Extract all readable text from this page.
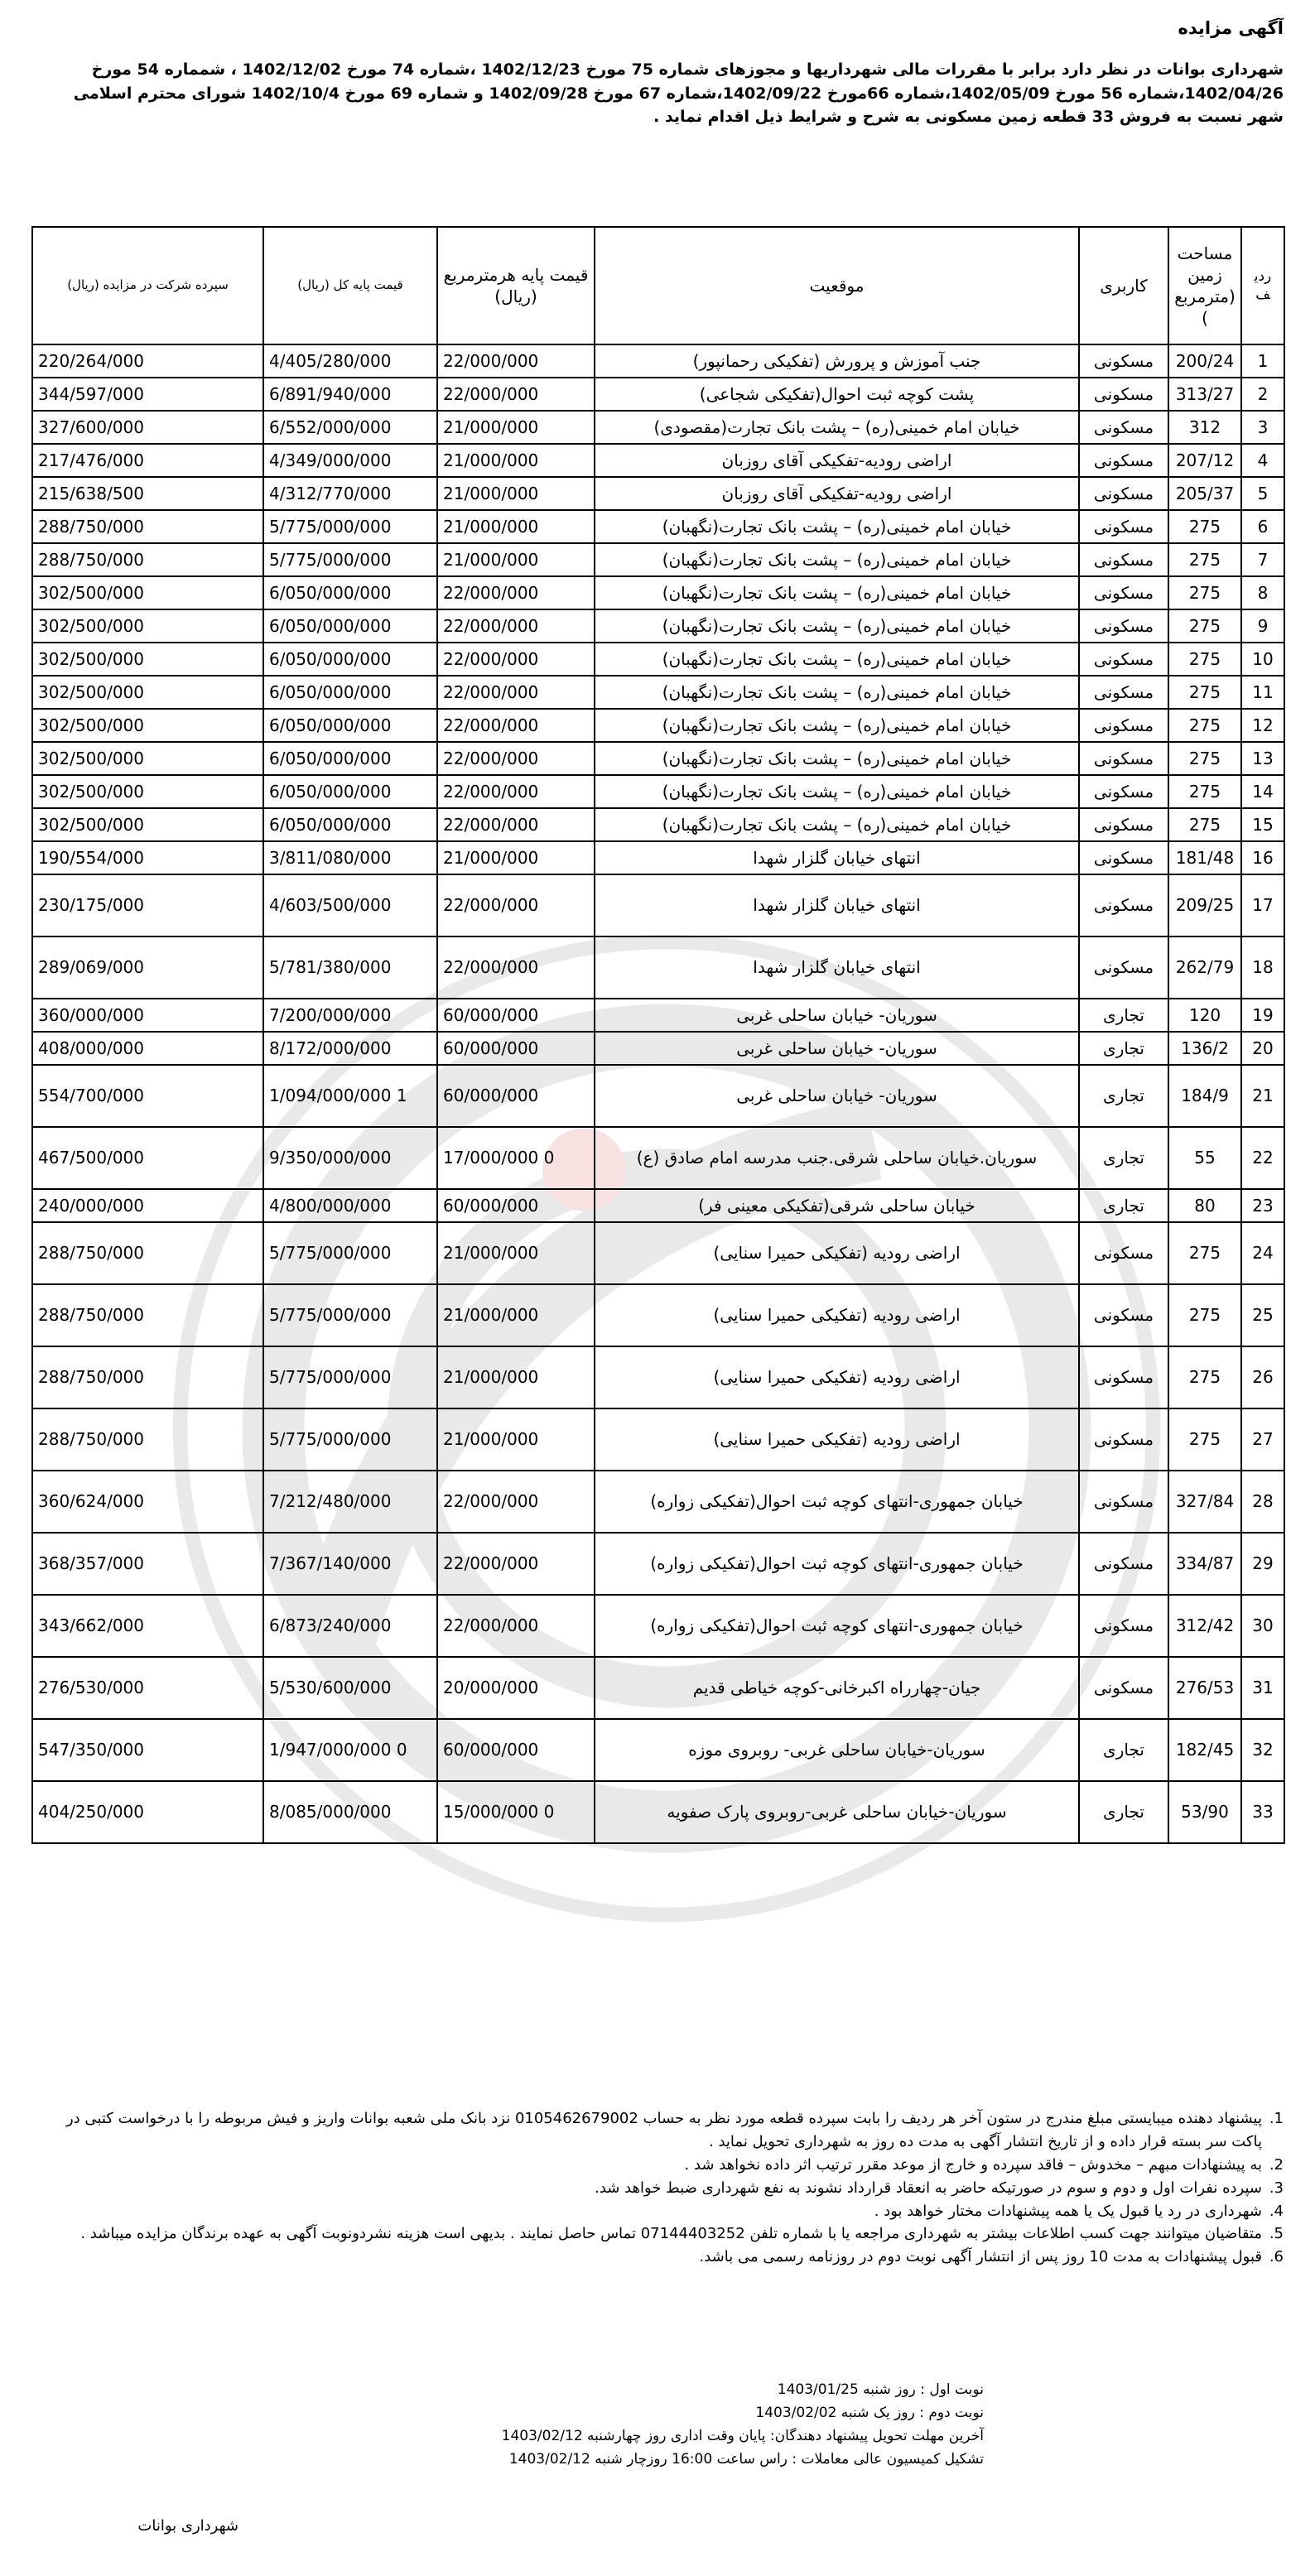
آگهی مزایده
شهرداری بوانات در نظر دارد برابر با مقررات مالی شهرداریها و مجوزهای شماره 75 مورخ 1402/12/23 ،شماره 74 مورخ 1402/12/02 ، شمماره 54 مورخ 1402/04/26،شماره 56 مورخ 1402/05/09،شماره 66مورخ 1402/09/22،شماره 67 مورخ 1402/09/28 و شماره 69 مورخ 1402/10/4 شورای محترم اسلامی شهر نسبت به فروش 33 قطعه زمین مسکونی به شرح و شرایط ذیل اقدام نماید .
ردیف	مساحت زمین (مترمربع)	کاربری	موقعیت	قیمت پایه هرمترمربع (ریال)	قیمت پایه کل (ریال)	سپرده شرکت در مزایده (ریال)
1	200/24	مسکونی	جنب آموزش و پرورش (تفکیکی رحمانپور)	22/000/000	4/405/280/000	220/264/000
2	313/27	مسکونی	پشت کوچه ثبت احوال(تفکیکی شجاعی)	22/000/000	6/891/940/000	344/597/000
3	312	مسکونی	خیابان امام خمینی(ره) – پشت بانک تجارت(مقصودی)	21/000/000	6/552/000/000	327/600/000
4	207/12	مسکونی	اراضی رودیه-تفکیکی آقای روزبان	21/000/000	4/349/000/000	217/476/000
5	205/37	مسکونی	اراضی رودیه-تفکیکی آقای روزبان	21/000/000	4/312/770/000	215/638/500
6	275	مسکونی	خیابان امام خمینی(ره) – پشت بانک تجارت(نگهبان)	21/000/000	5/775/000/000	288/750/000
7	275	مسکونی	خیابان امام خمینی(ره) – پشت بانک تجارت(نگهبان)	21/000/000	5/775/000/000	288/750/000
8	275	مسکونی	خیابان امام خمینی(ره) – پشت بانک تجارت(نگهبان)	22/000/000	6/050/000/000	302/500/000
9	275	مسکونی	خیابان امام خمینی(ره) – پشت بانک تجارت(نگهبان)	22/000/000	6/050/000/000	302/500/000
10	275	مسکونی	خیابان امام خمینی(ره) – پشت بانک تجارت(نگهبان)	22/000/000	6/050/000/000	302/500/000
11	275	مسکونی	خیابان امام خمینی(ره) – پشت بانک تجارت(نگهبان)	22/000/000	6/050/000/000	302/500/000
12	275	مسکونی	خیابان امام خمینی(ره) – پشت بانک تجارت(نگهبان)	22/000/000	6/050/000/000	302/500/000
13	275	مسکونی	خیابان امام خمینی(ره) – پشت بانک تجارت(نگهبان)	22/000/000	6/050/000/000	302/500/000
14	275	مسکونی	خیابان امام خمینی(ره) – پشت بانک تجارت(نگهبان)	22/000/000	6/050/000/000	302/500/000
15	275	مسکونی	خیابان امام خمینی(ره) – پشت بانک تجارت(نگهبان)	22/000/000	6/050/000/000	302/500/000
16	181/48	مسکونی	انتهای خیابان گلزار شهدا	21/000/000	3/811/080/000	190/554/000
17	209/25	مسکونی	انتهای خیابان گلزار شهدا	22/000/000	4/603/500/000	230/175/000
18	262/79	مسکونی	انتهای خیابان گلزار شهدا	22/000/000	5/781/380/000	289/069/000
19	120	تجاری	سوریان- خیابان ساحلی غربی	60/000/000	7/200/000/000	360/000/000
20	136/2	تجاری	سوریان- خیابان ساحلی غربی	60/000/000	8/172/000/000	408/000/000
21	184/9	تجاری	سوریان- خیابان ساحلی غربی	60/000/000	1/094/000/000 1	554/700/000
22	55	تجاری	سوریان.خیابان ساحلی شرقی.جنب مدرسه امام صادق (ع)	17/000/000 0	9/350/000/000	467/500/000
23	80	تجاری	خیابان ساحلی شرقی(تفکیکی معینی فر)	60/000/000	4/800/000/000	240/000/000
24	275	مسکونی	اراضی رودیه (تفکیکی حمیرا سنایی)	21/000/000	5/775/000/000	288/750/000
25	275	مسکونی	اراضی رودیه (تفکیکی حمیرا سنایی)	21/000/000	5/775/000/000	288/750/000
26	275	مسکونی	اراضی رودیه (تفکیکی حمیرا سنایی)	21/000/000	5/775/000/000	288/750/000
27	275	مسکونی	اراضی رودیه (تفکیکی حمیرا سنایی)	21/000/000	5/775/000/000	288/750/000
28	327/84	مسکونی	خیابان جمهوری-انتهای کوچه ثبت احوال(تفکیکی زواره)	22/000/000	7/212/480/000	360/624/000
29	334/87	مسکونی	خیابان جمهوری-انتهای کوچه ثبت احوال(تفکیکی زواره)	22/000/000	7/367/140/000	368/357/000
30	312/42	مسکونی	خیابان جمهوری-انتهای کوچه ثبت احوال(تفکیکی زواره)	22/000/000	6/873/240/000	343/662/000
31	276/53	مسکونی	جیان-چهارراه اکبرخانی-کوچه خیاطی قدیم	20/000/000	5/530/600/000	276/530/000
32	182/45	تجاری	سوریان-خیابان ساحلی غربی- روبروی موزه	60/000/000	1/947/000/000 0	547/350/000
33	53/90	تجاری	سوریان-خیابان ساحلی غربی-روبروی پارک صفویه	15/000/000 0	8/085/000/000	404/250/000
1.
پیشنهاد دهنده میبایستی مبلغ مندرج در ستون آخر هر ردیف را بابت سپرده قطعه مورد نظر به حساب 0105462679002 نزد بانک ملی شعبه بوانات واریز و فیش مربوطه را با درخواست کتبی در پاکت سر بسته قرار داده و از تاریخ انتشار آگهی به مدت ده روز به شهرداری تحویل نماید .
2.
به پیشنهادات مبهم – مخدوش – فاقد سپرده و خارج از موعد مقرر ترتیب اثر داده نخواهد شد .
3.
سپرده نفرات اول و دوم و سوم در صورتیکه حاضر به انعقاد قرارداد نشوند به نفع شهرداری ضبط خواهد شد.
4.
شهرداری در رد یا قبول یک یا همه پیشنهادات مختار خواهد بود .
5.
متقاضیان میتوانند جهت کسب اطلاعات بیشتر به شهرداری مراجعه یا با شماره تلفن 07144403252 تماس حاصل نمایند . بدیهی است هزینه نشردونوبت آگهی به عهده برندگان مزایده میباشد .
6.
قبول پیشنهادات به مدت 10 روز پس از انتشار آگهی نوبت دوم در روزنامه رسمی می باشد.
نوبت اول : روز شنبه 1403/01/25
نوبت دوم : روز یک شنبه 1403/02/02
آخرین مهلت تحویل پیشنهاد دهندگان: پایان وقت اداری روز چهارشنبه 1403/02/12
تشکیل کمیسیون عالی معاملات : راس ساعت 16:00 روزچار شنبه 1403/02/12
شهرداری بوانات
